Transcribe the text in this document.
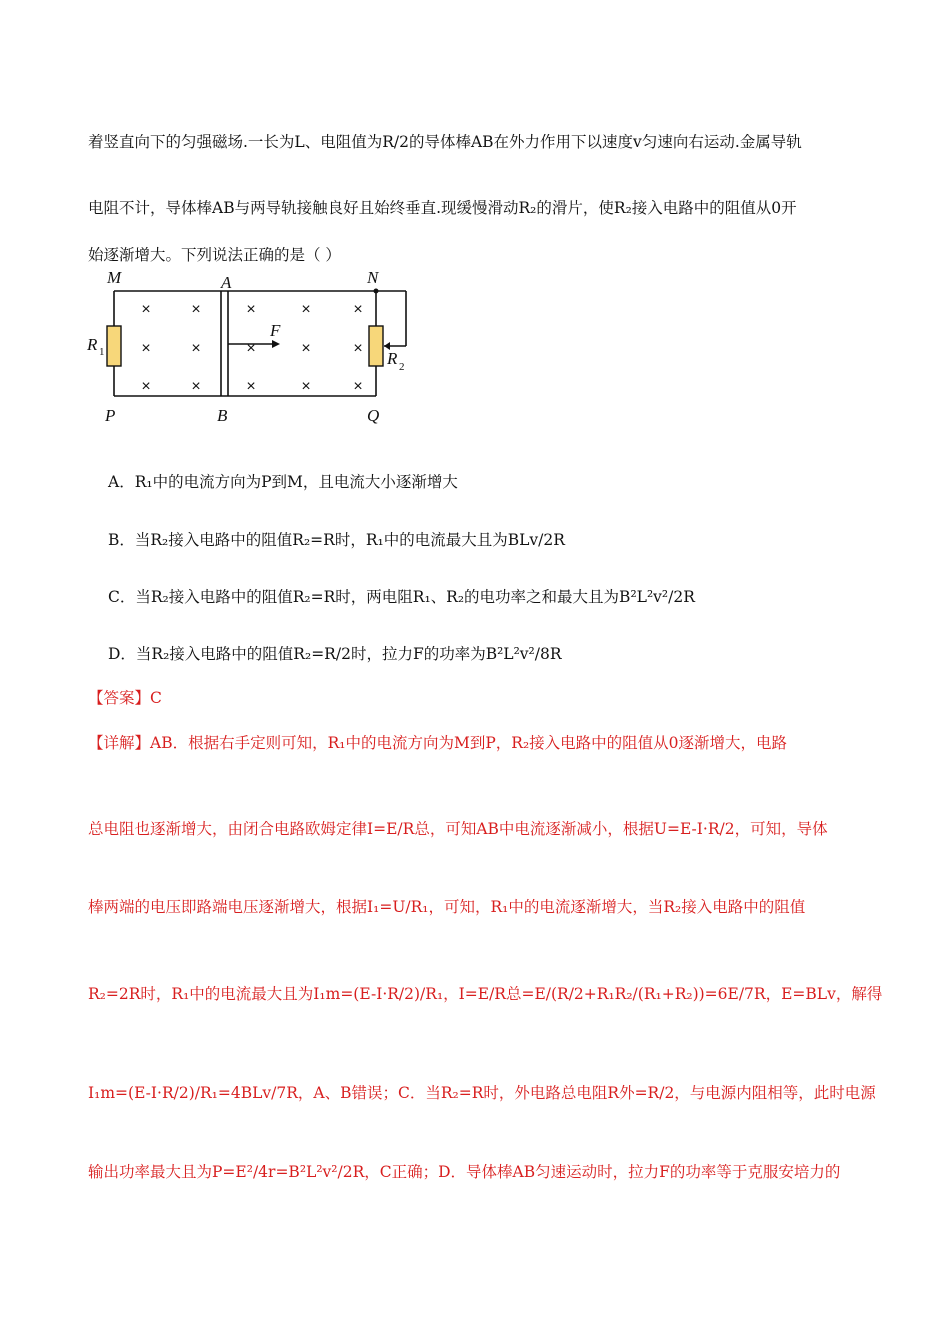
着竖直向下的匀强磁场.一长为L、电阻值为R/2的导体棒AB在外力作用下以速度v匀速向右运动.金属导轨
电阻不计，导体棒AB与两导轨接触良好且始终垂直.现缓慢滑动R₂的滑片，使R₂接入电路中的阻值从0开
始逐渐增大。下列说法正确的是（ ）
×	×	×	×	×
×	×	×	×	×
×	×	×	×	×
M	A	N
R 1	R 2
F
P	B	Q
A．R₁中的电流方向为P到M，且电流大小逐渐增大
B．当R₂接入电路中的阻值R₂=R时，R₁中的电流最大且为BLv/2R
C．当R₂接入电路中的阻值R₂=R时，两电阻R₁、R₂的电功率之和最大且为B²L²v²/2R
D．当R₂接入电路中的阻值R₂=R/2时，拉力F的功率为B²L²v²/8R
【答案】C
【详解】AB．根据右手定则可知，R₁中的电流方向为M到P，R₂接入电路中的阻值从0逐渐增大，电路
总电阻也逐渐增大，由闭合电路欧姆定律I=E/R总，可知AB中电流逐渐减小，根据U=E-I·R/2，可知，导体
棒两端的电压即路端电压逐渐增大，根据I₁=U/R₁，可知，R₁中的电流逐渐增大，当R₂接入电路中的阻值
R₂=2R时，R₁中的电流最大且为I₁m=(E-I·R/2)/R₁，I=E/R总=E/(R/2+R₁R₂/(R₁+R₂))=6E/7R，E=BLv，解得
I₁m=(E-I·R/2)/R₁=4BLv/7R，A、B错误；C．当R₂=R时，外电路总电阻R外=R/2，与电源内阻相等，此时电源
输出功率最大且为P=E²/4r=B²L²v²/2R，C正确；D．导体棒AB匀速运动时，拉力F的功率等于克服安培力的
